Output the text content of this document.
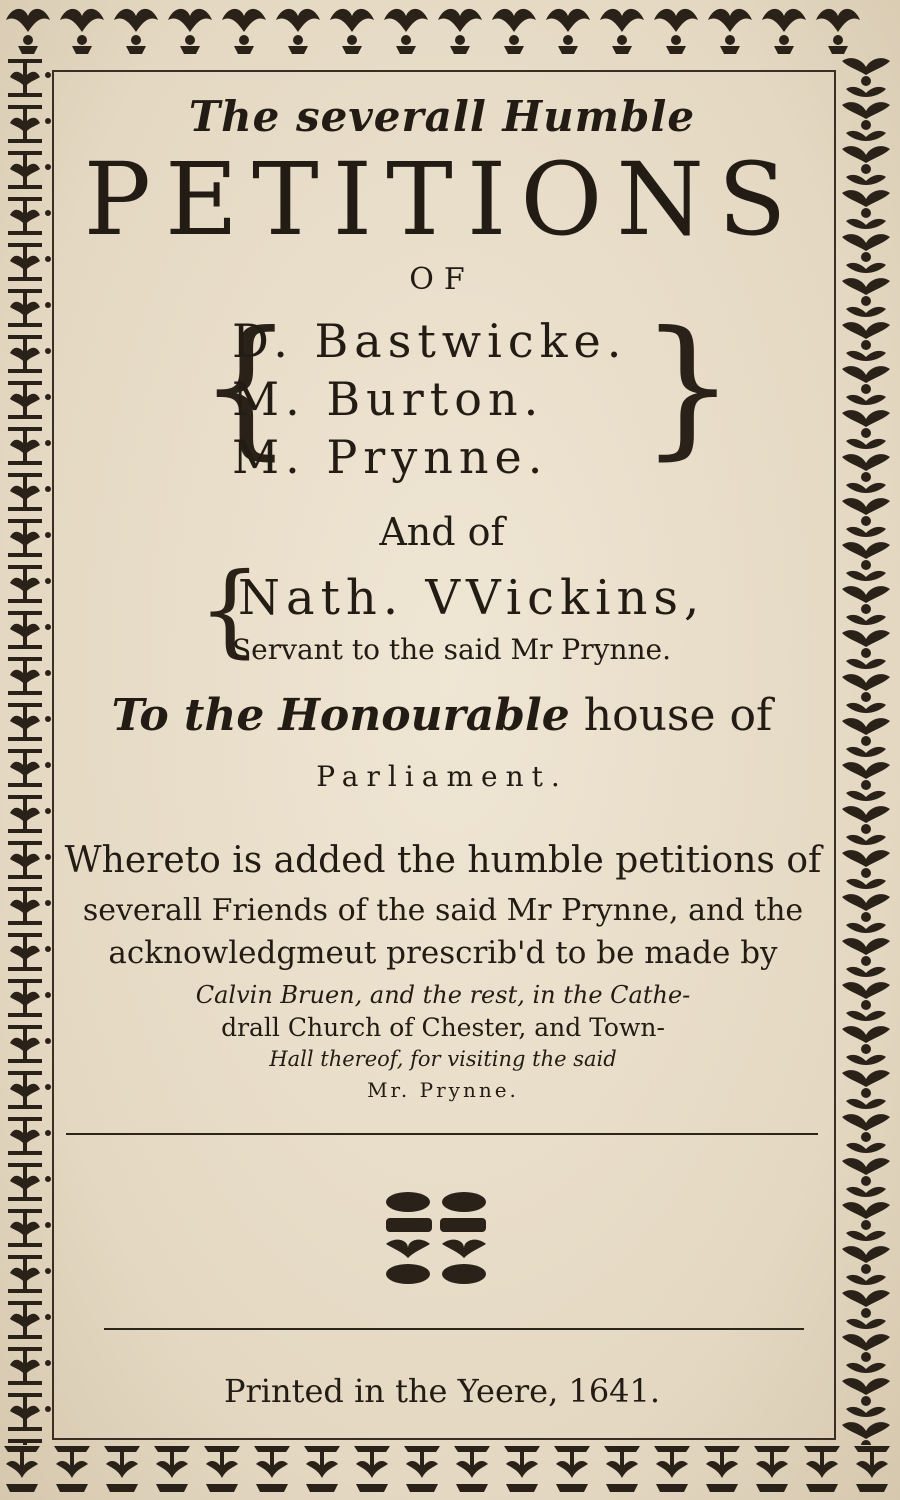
The severall Humble
PETITIONS
OF
{
D. Bastwicke.
M. Burton.
M. Prynne. }
And of
{
Nath. VVickins,
Servant to the said Mr Prynne.
To the Honourable house of
Parliament.
Whereto is added the humble petitions of
severall Friends of the said Mr Prynne, and the
acknowledgmeut prescrib'd to be made by
Calvin Bruen, and the rest, in the Cathe-
drall Church of Chester, and Town-
Hall thereof, for visiting the said
Mr. Prynne.
Printed in the Yeere, 1641.
